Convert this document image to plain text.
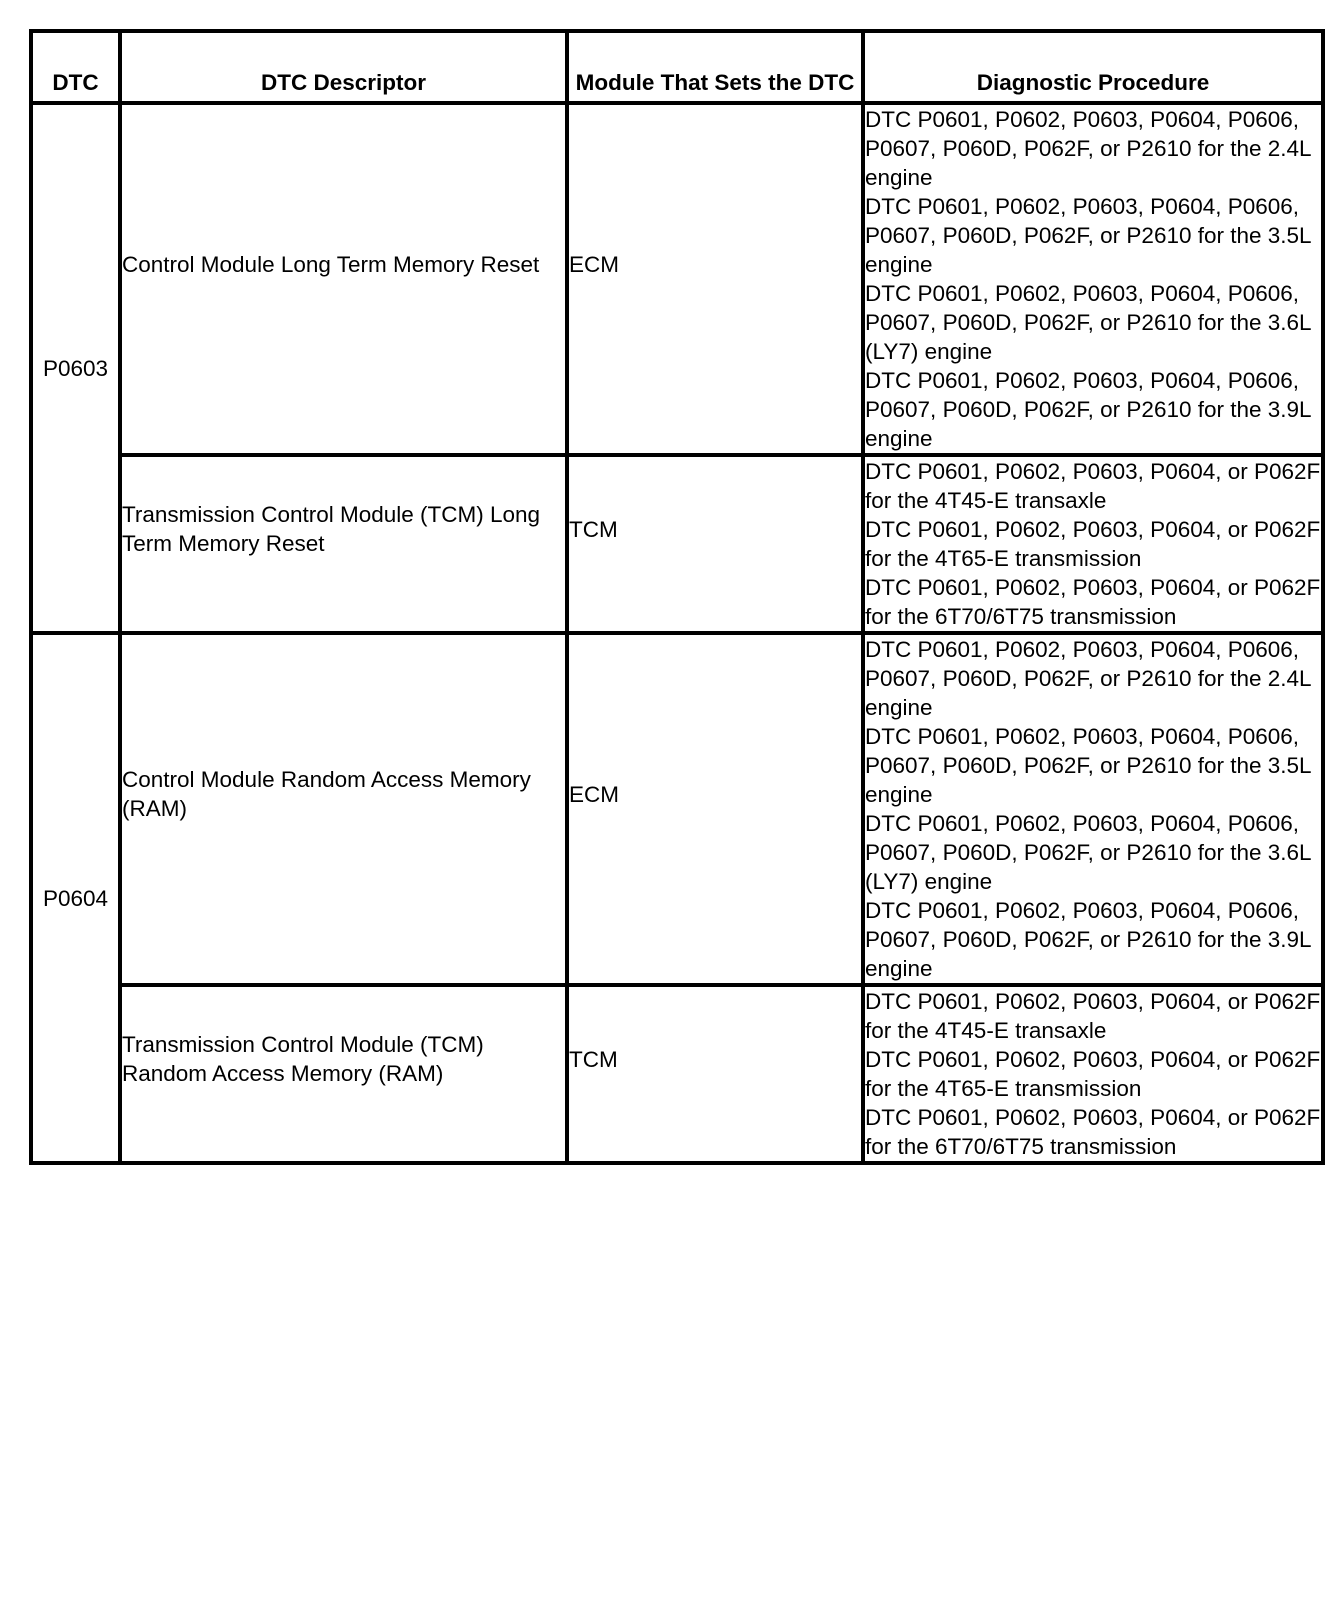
DTC	DTC Descriptor	Module That Sets the DTC	Diagnostic Procedure
P0603	Control Module Long Term Memory Reset	ECM	DTC P0601, P0602, P0603, P0604, P0606, P0607, P060D, P062F, or P2610 for the 2.4L engine
DTC P0601, P0602, P0603, P0604, P0606, P0607, P060D, P062F, or P2610 for the 3.5L engine
DTC P0601, P0602, P0603, P0604, P0606, P0607, P060D, P062F, or P2610 for the 3.6L (LY7) engine
DTC P0601, P0602, P0603, P0604, P0606, P0607, P060D, P062F, or P2610 for the 3.9L engine

	Transmission Control Module (TCM) Long Term Memory Reset	TCM	DTC P0601, P0602, P0603, P0604, or P062F for the 4T45-E transaxle
DTC P0601, P0602, P0603, P0604, or P062F for the 4T65-E transmission
DTC P0601, P0602, P0603, P0604, or P062F for the 6T70/6T75 transmission

P0604	Control Module Random Access Memory (RAM)	ECM	DTC P0601, P0602, P0603, P0604, P0606, P0607, P060D, P062F, or P2610 for the 2.4L engine
DTC P0601, P0602, P0603, P0604, P0606, P0607, P060D, P062F, or P2610 for the 3.5L engine
DTC P0601, P0602, P0603, P0604, P0606, P0607, P060D, P062F, or P2610 for the 3.6L (LY7) engine
DTC P0601, P0602, P0603, P0604, P0606, P0607, P060D, P062F, or P2610 for the 3.9L engine

	Transmission Control Module (TCM) Random Access Memory (RAM)	TCM	DTC P0601, P0602, P0603, P0604, or P062F for the 4T45-E transaxle
DTC P0601, P0602, P0603, P0604, or P062F for the 4T65-E transmission
DTC P0601, P0602, P0603, P0604, or P062F for the 6T70/6T75 transmission
